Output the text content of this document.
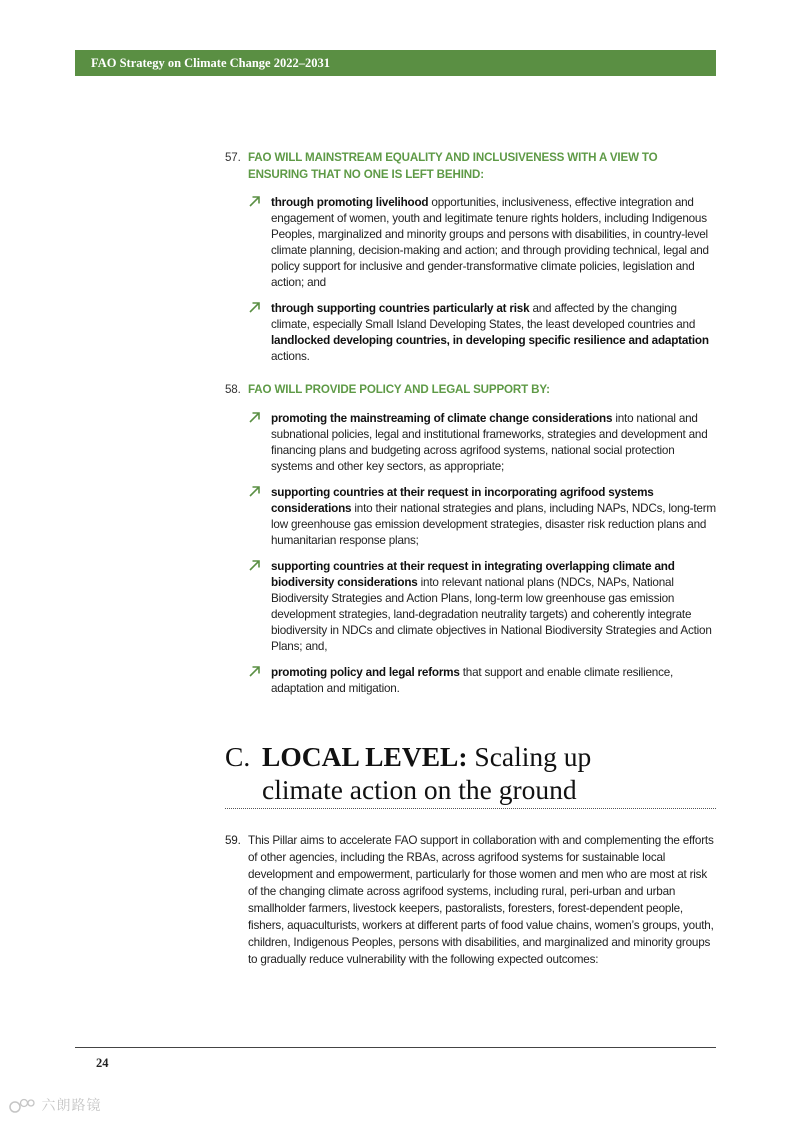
FAO Strategy on Climate Change 2022–2031
57. FAO WILL MAINSTREAM EQUALITY AND INCLUSIVENESS WITH A VIEW TO ENSURING THAT NO ONE IS LEFT BEHIND:
through promoting livelihood opportunities, inclusiveness, effective integration and engagement of women, youth and legitimate tenure rights holders, including Indigenous Peoples, marginalized and minority groups and persons with disabilities, in country-level climate planning, decision-making and action; and through providing technical, legal and policy support for inclusive and gender-transformative climate policies, legislation and action; and
through supporting countries particularly at risk and affected by the changing climate, especially Small Island Developing States, the least developed countries and landlocked developing countries, in developing specific resilience and adaptation actions.
58. FAO WILL PROVIDE POLICY AND LEGAL SUPPORT BY:
promoting the mainstreaming of climate change considerations into national and subnational policies, legal and institutional frameworks, strategies and development and financing plans and budgeting across agrifood systems, national social protection systems and other key sectors, as appropriate;
supporting countries at their request in incorporating agrifood systems considerations into their national strategies and plans, including NAPs, NDCs, long-term low greenhouse gas emission development strategies, disaster risk reduction plans and humanitarian response plans;
supporting countries at their request in integrating overlapping climate and biodiversity considerations into relevant national plans (NDCs, NAPs, National Biodiversity Strategies and Action Plans, long-term low greenhouse gas emission development strategies, land-degradation neutrality targets) and coherently integrate biodiversity in NDCs and climate objectives in National Biodiversity Strategies and Action Plans; and,
promoting policy and legal reforms that support and enable climate resilience, adaptation and mitigation.
C. LOCAL LEVEL: Scaling up
climate action on the ground
59. This Pillar aims to accelerate FAO support in collaboration with and complementing the efforts of other agencies, including the RBAs, across agrifood systems for sustainable local development and empowerment, particularly for those women and men who are most at risk of the changing climate across agrifood systems, including rural, peri-urban and urban smallholder farmers, livestock keepers, pastoralists, foresters, forest-dependent people, fishers, aquaculturists, workers at different parts of food value chains, women’s groups, youth, children, Indigenous Peoples, persons with disabilities, and marginalized and minority groups to gradually reduce vulnerability with the following expected outcomes:
24
六朗路镜
